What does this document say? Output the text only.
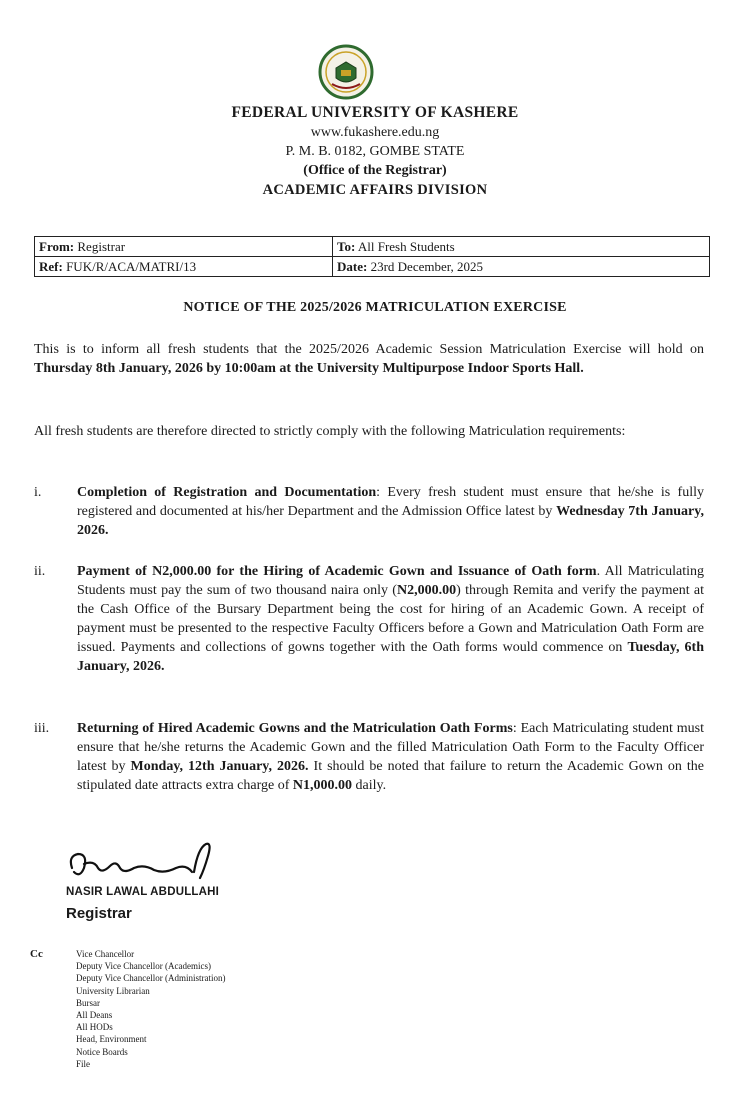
FEDERAL UNIVERSITY OF KASHERE
www.fukashere.edu.ng
P. M. B. 0182, GOMBE STATE
(Office of the Registrar)
ACADEMIC AFFAIRS DIVISION
From: Registrar	To: All Fresh Students
Ref: FUK/R/ACA/MATRI/13	Date: 23rd December, 2025
NOTICE OF THE 2025/2026 MATRICULATION EXERCISE
This is to inform all fresh students that the 2025/2026 Academic Session Matriculation Exercise will hold on Thursday 8th January, 2026 by 10:00am at the University Multipurpose Indoor Sports Hall.
All fresh students are therefore directed to strictly comply with the following Matriculation requirements:
i.	Completion of Registration and Documentation: Every fresh student must ensure that he/she is fully registered and documented at his/her Department and the Admission Office latest by Wednesday 7th January, 2026.
ii.	Payment of N2,000.00 for the Hiring of Academic Gown and Issuance of Oath form. All Matriculating Students must pay the sum of two thousand naira only (N2,000.00) through Remita and verify the payment at the Cash Office of the Bursary Department being the cost for hiring of an Academic Gown. A receipt of payment must be presented to the respective Faculty Officers before a Gown and Matriculation Oath Form are issued. Payments and collections of gowns together with the Oath forms would commence on Tuesday, 6th January, 2026.
iii.	Returning of Hired Academic Gowns and the Matriculation Oath Forms: Each Matriculating student must ensure that he/she returns the Academic Gown and the filled Matriculation Oath Form to the Faculty Officer latest by Monday, 12th January, 2026. It should be noted that failure to return the Academic Gown on the stipulated date attracts extra charge of N1,000.00 daily.
NASIR LAWAL ABDULLAHI
Registrar
Cc	Vice Chancellor
Deputy Vice Chancellor (Academics)
Deputy Vice Chancellor (Administration)
University Librarian
Bursar
All Deans
All HODs
Head, Environment
Notice Boards
File
